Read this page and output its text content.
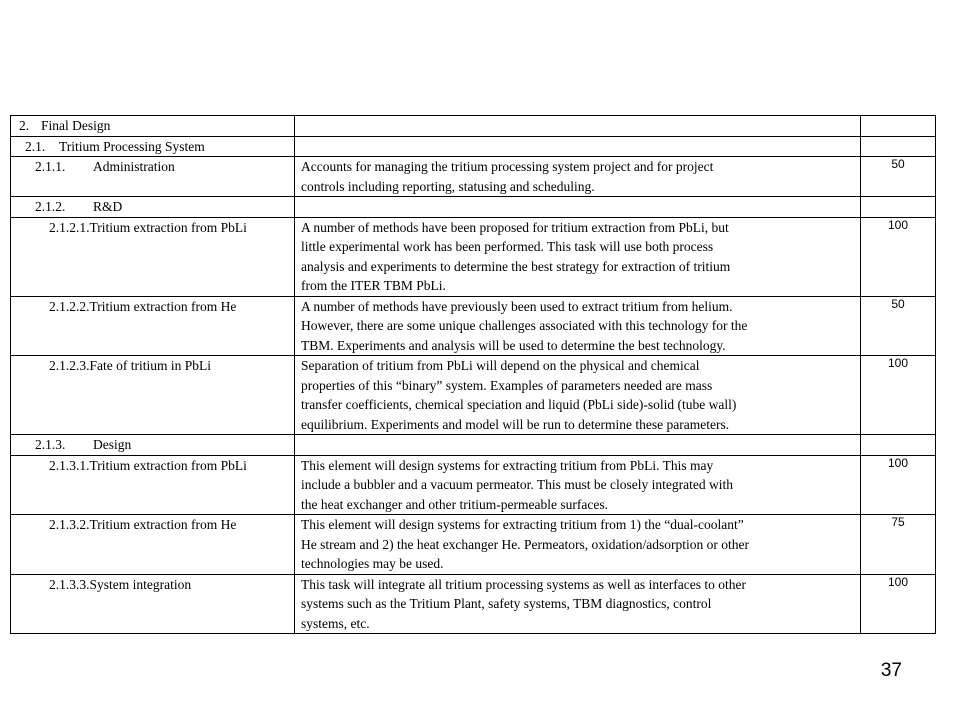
2. Final Design		
2.1. Tritium Processing System		
2.1.1. Administration	Accounts for managing the tritium processing system project and for project
controls including reporting, statusing and scheduling.	50
2.1.2. R&D		
2.1.2.1.Tritium extraction from PbLi	A number of methods have been proposed for tritium extraction from PbLi, but
little experimental work has been performed. This task will use both process
analysis and experiments to determine the best strategy for extraction of tritium
from the ITER TBM PbLi.	100
2.1.2.2.Tritium extraction from He	A number of methods have previously been used to extract tritium from helium.
However, there are some unique challenges associated with this technology for the
TBM. Experiments and analysis will be used to determine the best technology.	50
2.1.2.3.Fate of tritium in PbLi	Separation of tritium from PbLi will depend on the physical and chemical
properties of this “binary” system. Examples of parameters needed are mass
transfer coefficients, chemical speciation and liquid (PbLi side)-solid (tube wall)
equilibrium. Experiments and model will be run to determine these parameters.	100
2.1.3. Design		
2.1.3.1.Tritium extraction from PbLi	This element will design systems for extracting tritium from PbLi. This may
include a bubbler and a vacuum permeator. This must be closely integrated with
the heat exchanger and other tritium-permeable surfaces.	100
2.1.3.2.Tritium extraction from He	This element will design systems for extracting tritium from 1) the “dual-coolant”
He stream and 2) the heat exchanger He. Permeators, oxidation/adsorption or other
technologies may be used.	75
2.1.3.3.System integration	This task will integrate all tritium processing systems as well as interfaces to other
systems such as the Tritium Plant, safety systems, TBM diagnostics, control
systems, etc.	100
37
